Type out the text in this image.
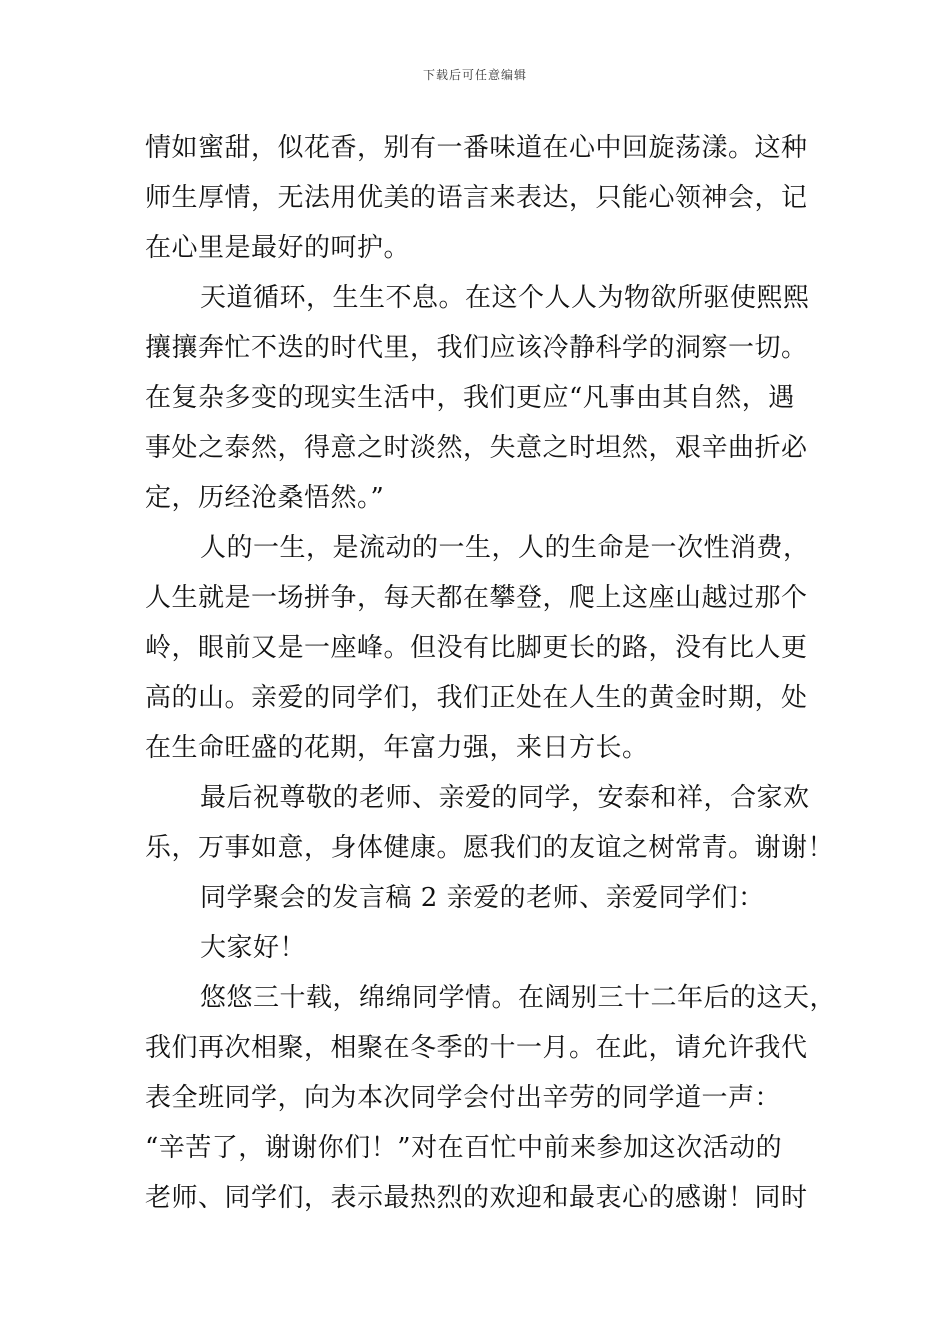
下载后可任意编辑
情如蜜甜，似花香，别有一番味道在心中回旋荡漾。这种
师生厚情，无法用优美的语言来表达，只能心领神会，记
在心里是最好的呵护。
天道循环，生生不息。在这个人人为物欲所驱使熙熙
攘攘奔忙不迭的时代里，我们应该冷静科学的洞察一切。
在复杂多变的现实生活中，我们更应“凡事由其自然，遇
事处之泰然，得意之时淡然，失意之时坦然，艰辛曲折必
定，历经沧桑悟然。”
人的一生，是流动的一生，人的生命是一次性消费，
人生就是一场拼争，每天都在攀登，爬上这座山越过那个
岭，眼前又是一座峰。但没有比脚更长的路，没有比人更
高的山。亲爱的同学们，我们正处在人生的黄金时期，处
在生命旺盛的花期，年富力强，来日方长。
最后祝尊敬的老师、亲爱的同学，安泰和祥，合家欢
乐，万事如意，身体健康。愿我们的友谊之树常青。谢谢！
同学聚会的发言稿 2 亲爱的老师、亲爱同学们：
大家好！
悠悠三十载，绵绵同学情。在阔别三十二年后的这天，
我们再次相聚，相聚在冬季的十一月。在此，请允许我代
表全班同学，向为本次同学会付出辛劳的同学道一声：
“辛苦了，谢谢你们！”对在百忙中前来参加这次活动的
老师、同学们，表示最热烈的欢迎和最衷心的感谢！同时
